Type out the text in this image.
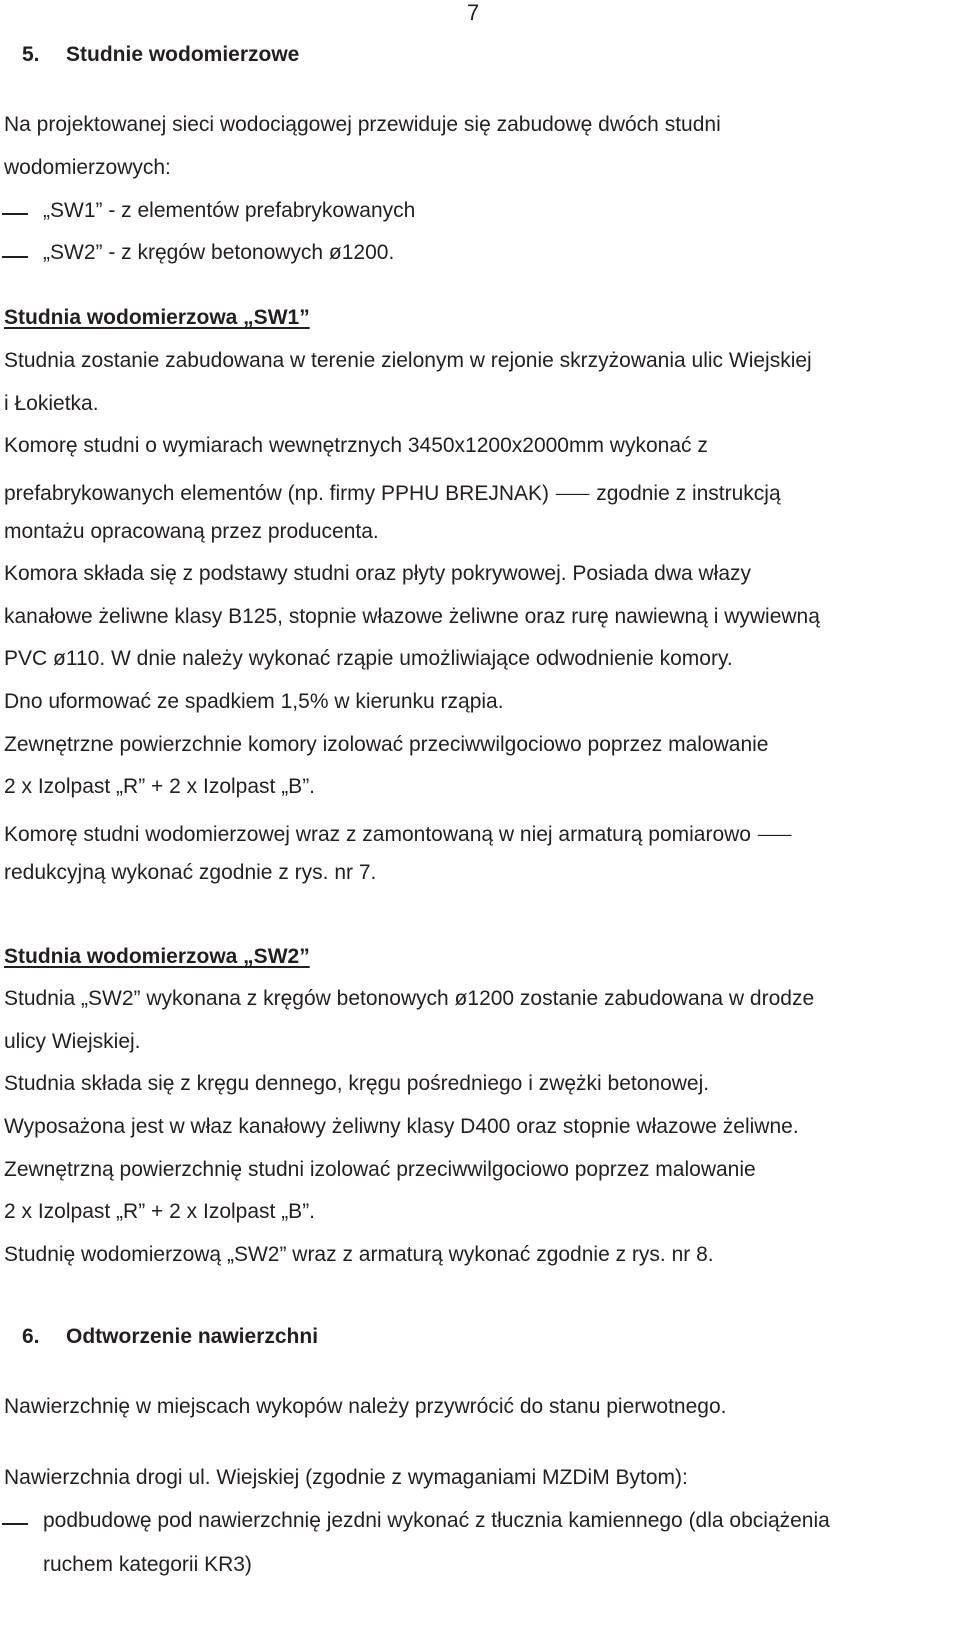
7
5. Studnie wodomierzowe
Na projektowanej sieci wodociągowej przewiduje się zabudowę dwóch studni
wodomierzowych:
„SW1” - z elementów prefabrykowanych
„SW2” - z kręgów betonowych ø1200.
Studnia wodomierzowa „SW1”
Studnia zostanie zabudowana w terenie zielonym w rejonie skrzyżowania ulic Wiejskiej
i Łokietka.
Komorę studni o wymiarach wewnętrznych 3450x1200x2000mm wykonać z
prefabrykowanych elementów (np. firmy PPHU BREJNAK) ⸺ zgodnie z instrukcją
montażu opracowaną przez producenta.
Komora składa się z podstawy studni oraz płyty pokrywowej. Posiada dwa włazy
kanałowe żeliwne klasy B125, stopnie włazowe żeliwne oraz rurę nawiewną i wywiewną
PVC ø110. W dnie należy wykonać rząpie umożliwiające odwodnienie komory.
Dno uformować ze spadkiem 1,5% w kierunku rząpia.
Zewnętrzne powierzchnie komory izolować przeciwwilgociowo poprzez malowanie
2 x Izolpast „R” + 2 x Izolpast „B”.
Komorę studni wodomierzowej wraz z zamontowaną w niej armaturą pomiarowo ⸺
redukcyjną wykonać zgodnie z rys. nr 7.
Studnia wodomierzowa „SW2”
Studnia „SW2” wykonana z kręgów betonowych ø1200 zostanie zabudowana w drodze
ulicy Wiejskiej.
Studnia składa się z kręgu dennego, kręgu pośredniego i zwężki betonowej.
Wyposażona jest w właz kanałowy żeliwny klasy D400 oraz stopnie włazowe żeliwne.
Zewnętrzną powierzchnię studni izolować przeciwwilgociowo poprzez malowanie
2 x Izolpast „R” + 2 x Izolpast „B”.
Studnię wodomierzową „SW2” wraz z armaturą wykonać zgodnie z rys. nr 8.
6. Odtworzenie nawierzchni
Nawierzchnię w miejscach wykopów należy przywrócić do stanu pierwotnego.
Nawierzchnia drogi ul. Wiejskiej (zgodnie z wymaganiami MZDiM Bytom):
podbudowę pod nawierzchnię jezdni wykonać z tłucznia kamiennego (dla obciążenia
ruchem kategorii KR3)
